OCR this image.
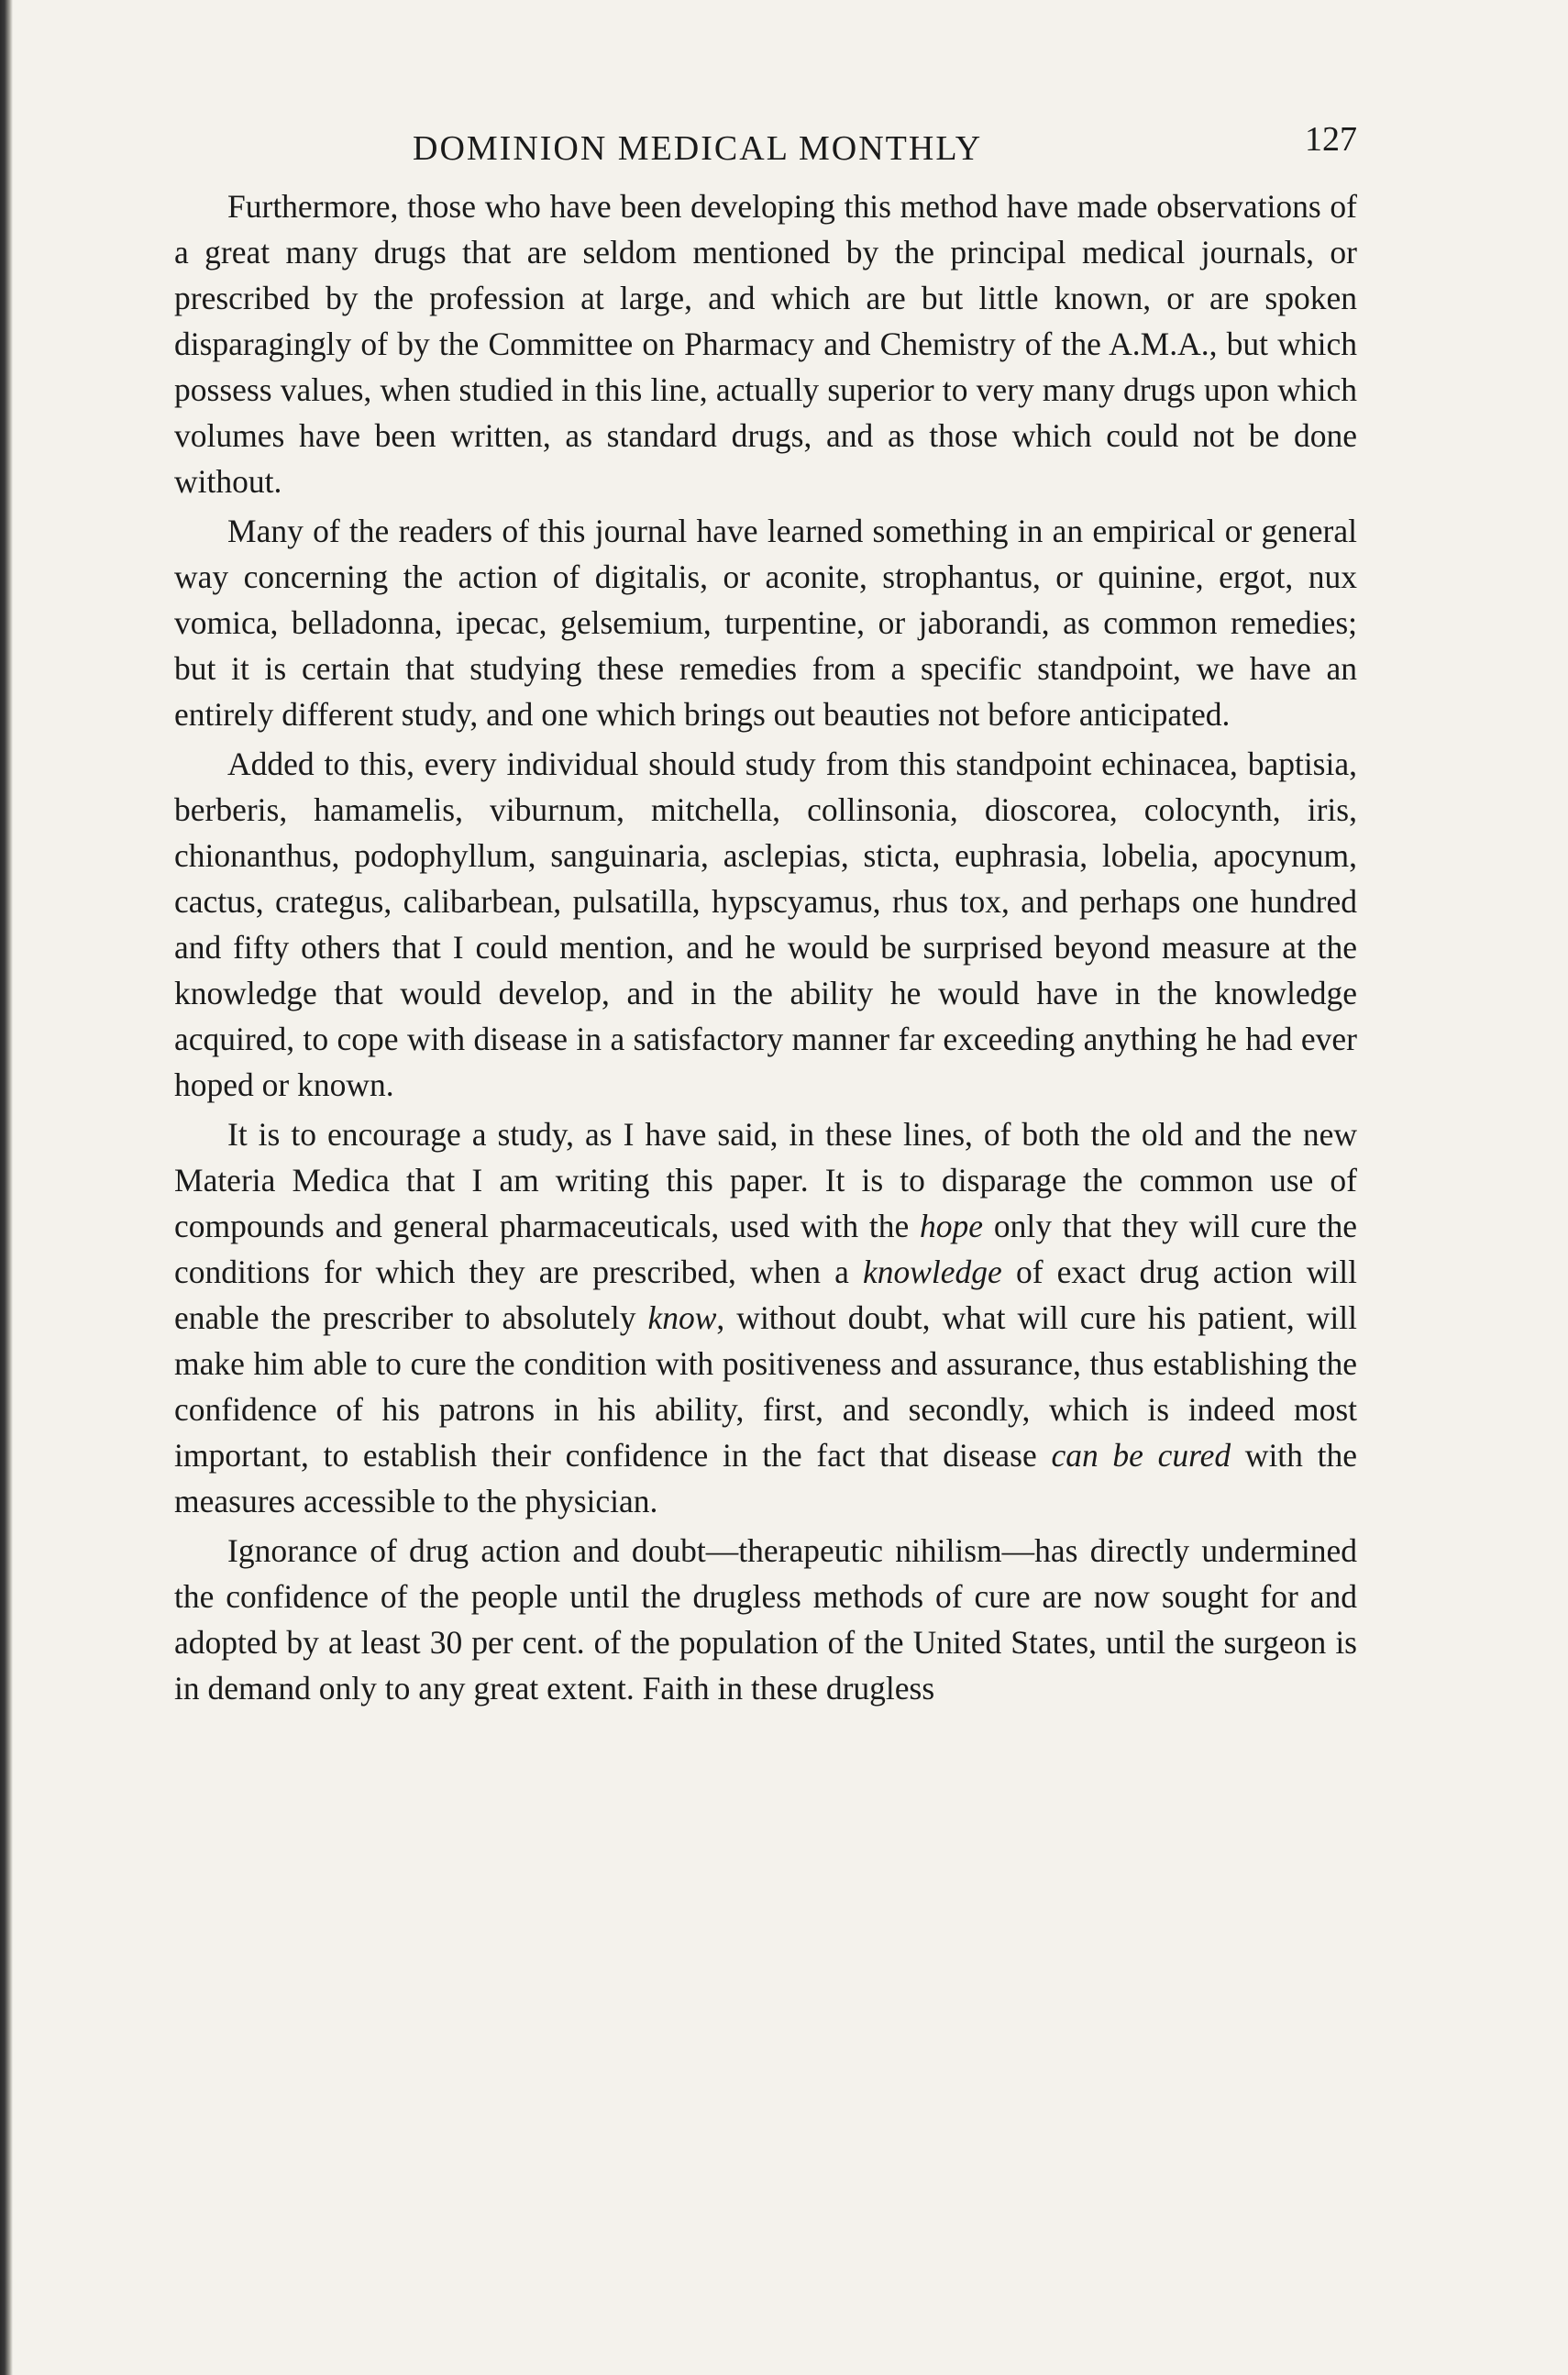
DOMINION MEDICAL MONTHLY	127

Furthermore, those who have been developing this method have made observations of a great many drugs that are seldom mentioned by the principal medical journals, or prescribed by the profession at large, and which are but little known, or are spoken disparagingly of by the Committee on Pharmacy and Chemistry of the A.M.A., but which possess values, when studied in this line, actually superior to very many drugs upon which volumes have been written, as standard drugs, and as those which could not be done without.

Many of the readers of this journal have learned something in an empirical or general way concerning the action of digitalis, or aconite, strophantus, or quinine, ergot, nux vomica, belladonna, ipecac, gelsemium, turpentine, or jaborandi, as common remedies; but it is certain that studying these remedies from a specific standpoint, we have an entirely different study, and one which brings out beauties not before anticipated.

Added to this, every individual should study from this standpoint echinacea, baptisia, berberis, hamamelis, viburnum, mitchella, collinsonia, dioscorea, colocynth, iris, chionanthus, podophyllum, sanguinaria, asclepias, sticta, euphrasia, lobelia, apocynum, cactus, crategus, calibarbean, pulsatilla, hypscyamus, rhus tox, and perhaps one hundred and fifty others that I could mention, and he would be surprised beyond measure at the knowledge that would develop, and in the ability he would have in the knowledge acquired, to cope with disease in a satisfactory manner far exceeding anything he had ever hoped or known.

It is to encourage a study, as I have said, in these lines, of both the old and the new Materia Medica that I am writing this paper. It is to disparage the common use of compounds and general pharmaceuticals, used with the hope only that they will cure the conditions for which they are prescribed, when a knowledge of exact drug action will enable the prescriber to absolutely know, without doubt, what will cure his patient, will make him able to cure the condition with positiveness and assurance, thus establishing the confidence of his patrons in his ability, first, and secondly, which is indeed most important, to establish their confidence in the fact that disease can be cured with the measures accessible to the physician.

Ignorance of drug action and doubt—therapeutic nihilism—has directly undermined the confidence of the people until the drugless methods of cure are now sought for and adopted by at least 30 per cent. of the population of the United States, until the surgeon is in demand only to any great extent. Faith in these drugless
